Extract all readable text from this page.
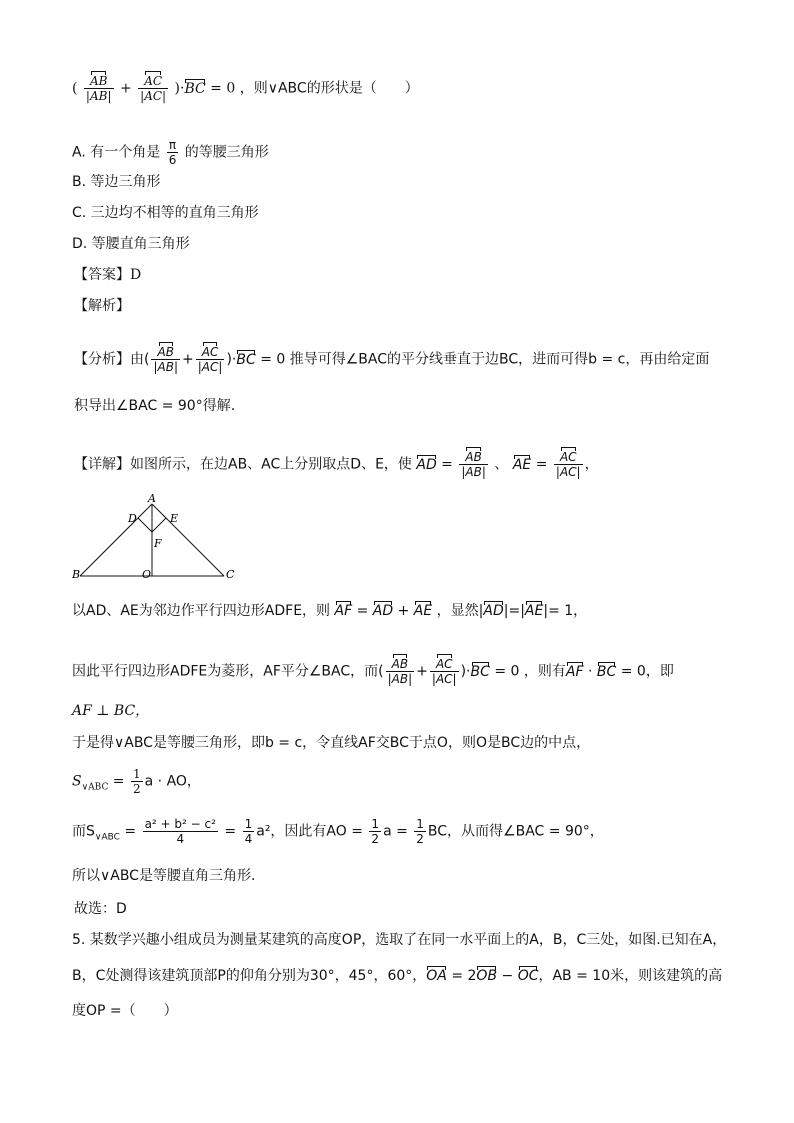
( $\frac{AB}{|AB|} + \frac{AC}{|AC|} )\cdot BC = 0$ ，则∨ABC的形状是（　　）
A. 有一个角是 $\frac{\pi}{6}$ 的等腰三角形
B. 等边三角形
C. 三边均不相等的直角三角形
D. 等腰直角三角形
【答案】D
【解析】
【分析】由( $\frac{AB}{|AB|} + \frac{AC}{|AC|} )\cdot BC = 0$ 推导可得∠BAC的平分线垂直于边BC，进而可得b = c，再由给定面
积导出∠BAC = 90°得解.
【详解】如图所示，在边AB、AC上分别取点D、E，使 AD = $\frac{AB}{|AB|}$ 、 AE = $\frac{AC}{|AC|}$ ，
A
D	E
F
B	O	C
以AD、AE为邻边作平行四边形ADFE，则 AF = AD + AE ，显然|AD|=|AE|= 1，
因此平行四边形ADFE为菱形，AF平分∠BAC，而( $\frac{AB}{|AB|} + \frac{AC}{|AC|} )\cdot BC = 0$ ，则有AF · BC = 0，即
AF ⊥ BC，
于是得∨ABC是等腰三角形，即b = c，令直线AF交BC于点O，则O是BC边的中点，
$S_{\vee ABC} = \frac{1}{2}$ a · AO，
而$S_{\vee ABC} = \frac{\text{a² + b² − c²}}{4} = \frac{1}{4} a^2$，因此有AO = $\frac{1}{2}$ $a = \frac{1}{2}$ BC，从而得∠BAC = 90°，
所以∨ABC是等腰直角三角形.
故选：D
5. 某数学兴趣小组成员为测量某建筑的高度OP，选取了在同一水平面上的A，B，C三处，如图.已知在A，
B，C处测得该建筑顶部P的仰角分别为30°，45°，60°，OA = 2OB − OC，AB = 10米，则该建筑的高
度OP =（　　）
